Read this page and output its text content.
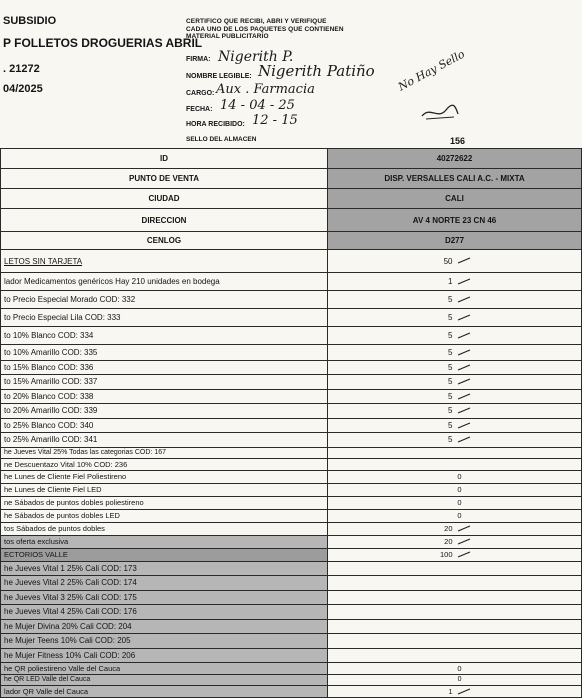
SUBSIDIO
P FOLLETOS DROGUERIAS ABRIL
. 21272
04/2025
CERTIFICO QUE RECIBI, ABRI Y VERIFIQUE CADA UNO DE LOS PAQUETES QUE CONTIENEN MATERIAL PUBLICITARIO
FIRMA: Nigerith P.
NOMBRE LEGIBLE: Nigerith Patiño
CARGO: Aux . Farmacia
FECHA: 14 - 04 - 25
HORA RECIBIDO: 12 - 15
No Hay Sello
SELLO DEL ALMACEN	156
ID	40272622
PUNTO DE VENTA	DISP. VERSALLES CALI A.C. - MIXTA
CIUDAD	CALI
DIRECCION	AV 4 NORTE 23 CN 46
CENLOG	D277
LETOS SIN TARJETA	50
lador Medicamentos genéricos Hay 210 unidades en bodega	1
to Precio Especial Morado COD: 332	5
to Precio Especial Lila COD: 333	5
to 10% Blanco COD: 334	5
to 10% Amarillo COD: 335	5
to 15% Blanco COD: 336	5
to 15% Amarillo COD: 337	5
to 20% Blanco COD: 338	5
to 20% Amarillo COD: 339	5
to 25% Blanco COD: 340	5
to 25% Amarillo COD: 341	5
he Jueves Vital 25% Todas las categorias COD: 167	
ne Descuentazo Vital 10% COD: 236	
he Lunes de Cliente Fiel Poliestireno	0
he Lunes de Cliente Fiel LED	0
ne Sábados de puntos dobles poliestireno	0
he Sábados de puntos dobles LED	0
tos Sábados de puntos dobles	20
tos oferta exclusiva	20
ECTORIOS VALLE	100
he Jueves Vital 1 25% Cali COD: 173	
he Jueves Vital 2 25% Cali COD: 174	
he Jueves Vital 3 25% Cali COD: 175	
he Jueves Vital 4 25% Cali COD: 176	
he Mujer Divina 20% Cali COD: 204	
he Mujer Teens 10% Cali COD: 205	
he Mujer Fitness 10% Cali COD: 206	
he QR poliestireno Valle del Cauca	0
he QR LED Valle del Cauca	0
lador QR Valle del Cauca	1
